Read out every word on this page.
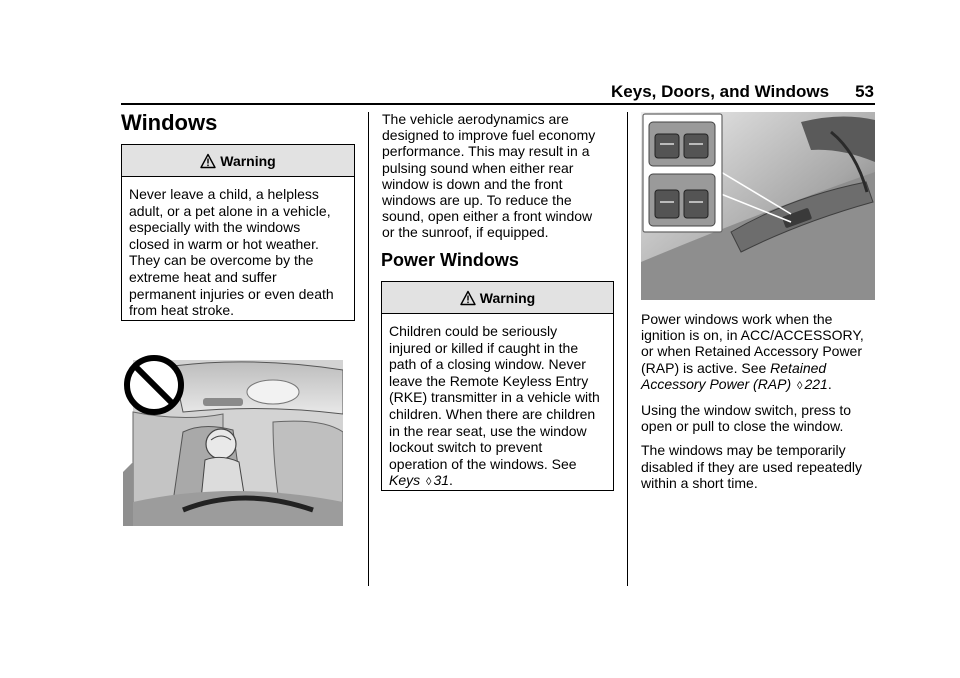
Keys, Doors, and Windows 53
Windows
Warning
Never leave a child, a helpless
adult, or a pet alone in a vehicle,
especially with the windows
closed in warm or hot weather.
They can be overcome by the
extreme heat and suffer
permanent injuries or even death
from heat stroke.
The vehicle aerodynamics are
designed to improve fuel economy
performance. This may result in a
pulsing sound when either rear
window is down and the front
windows are up. To reduce the
sound, open either a front window
or the sunroof, if equipped.
Power Windows
Warning
Children could be seriously
injured or killed if caught in the
path of a closing window. Never
leave the Remote Keyless Entry
(RKE) transmitter in a vehicle with
children. When there are children
in the rear seat, use the window
lockout switch to prevent
operation of the windows. See
Keys ◊ 31.

Power windows work when the
ignition is on, in ACC/ACCESSORY,
or when Retained Accessory Power
(RAP) is active. See Retained
Accessory Power (RAP) ◊ 221.

Using the window switch, press to
open or pull to close the window.

The windows may be temporarily
disabled if they are used repeatedly
within a short time.
